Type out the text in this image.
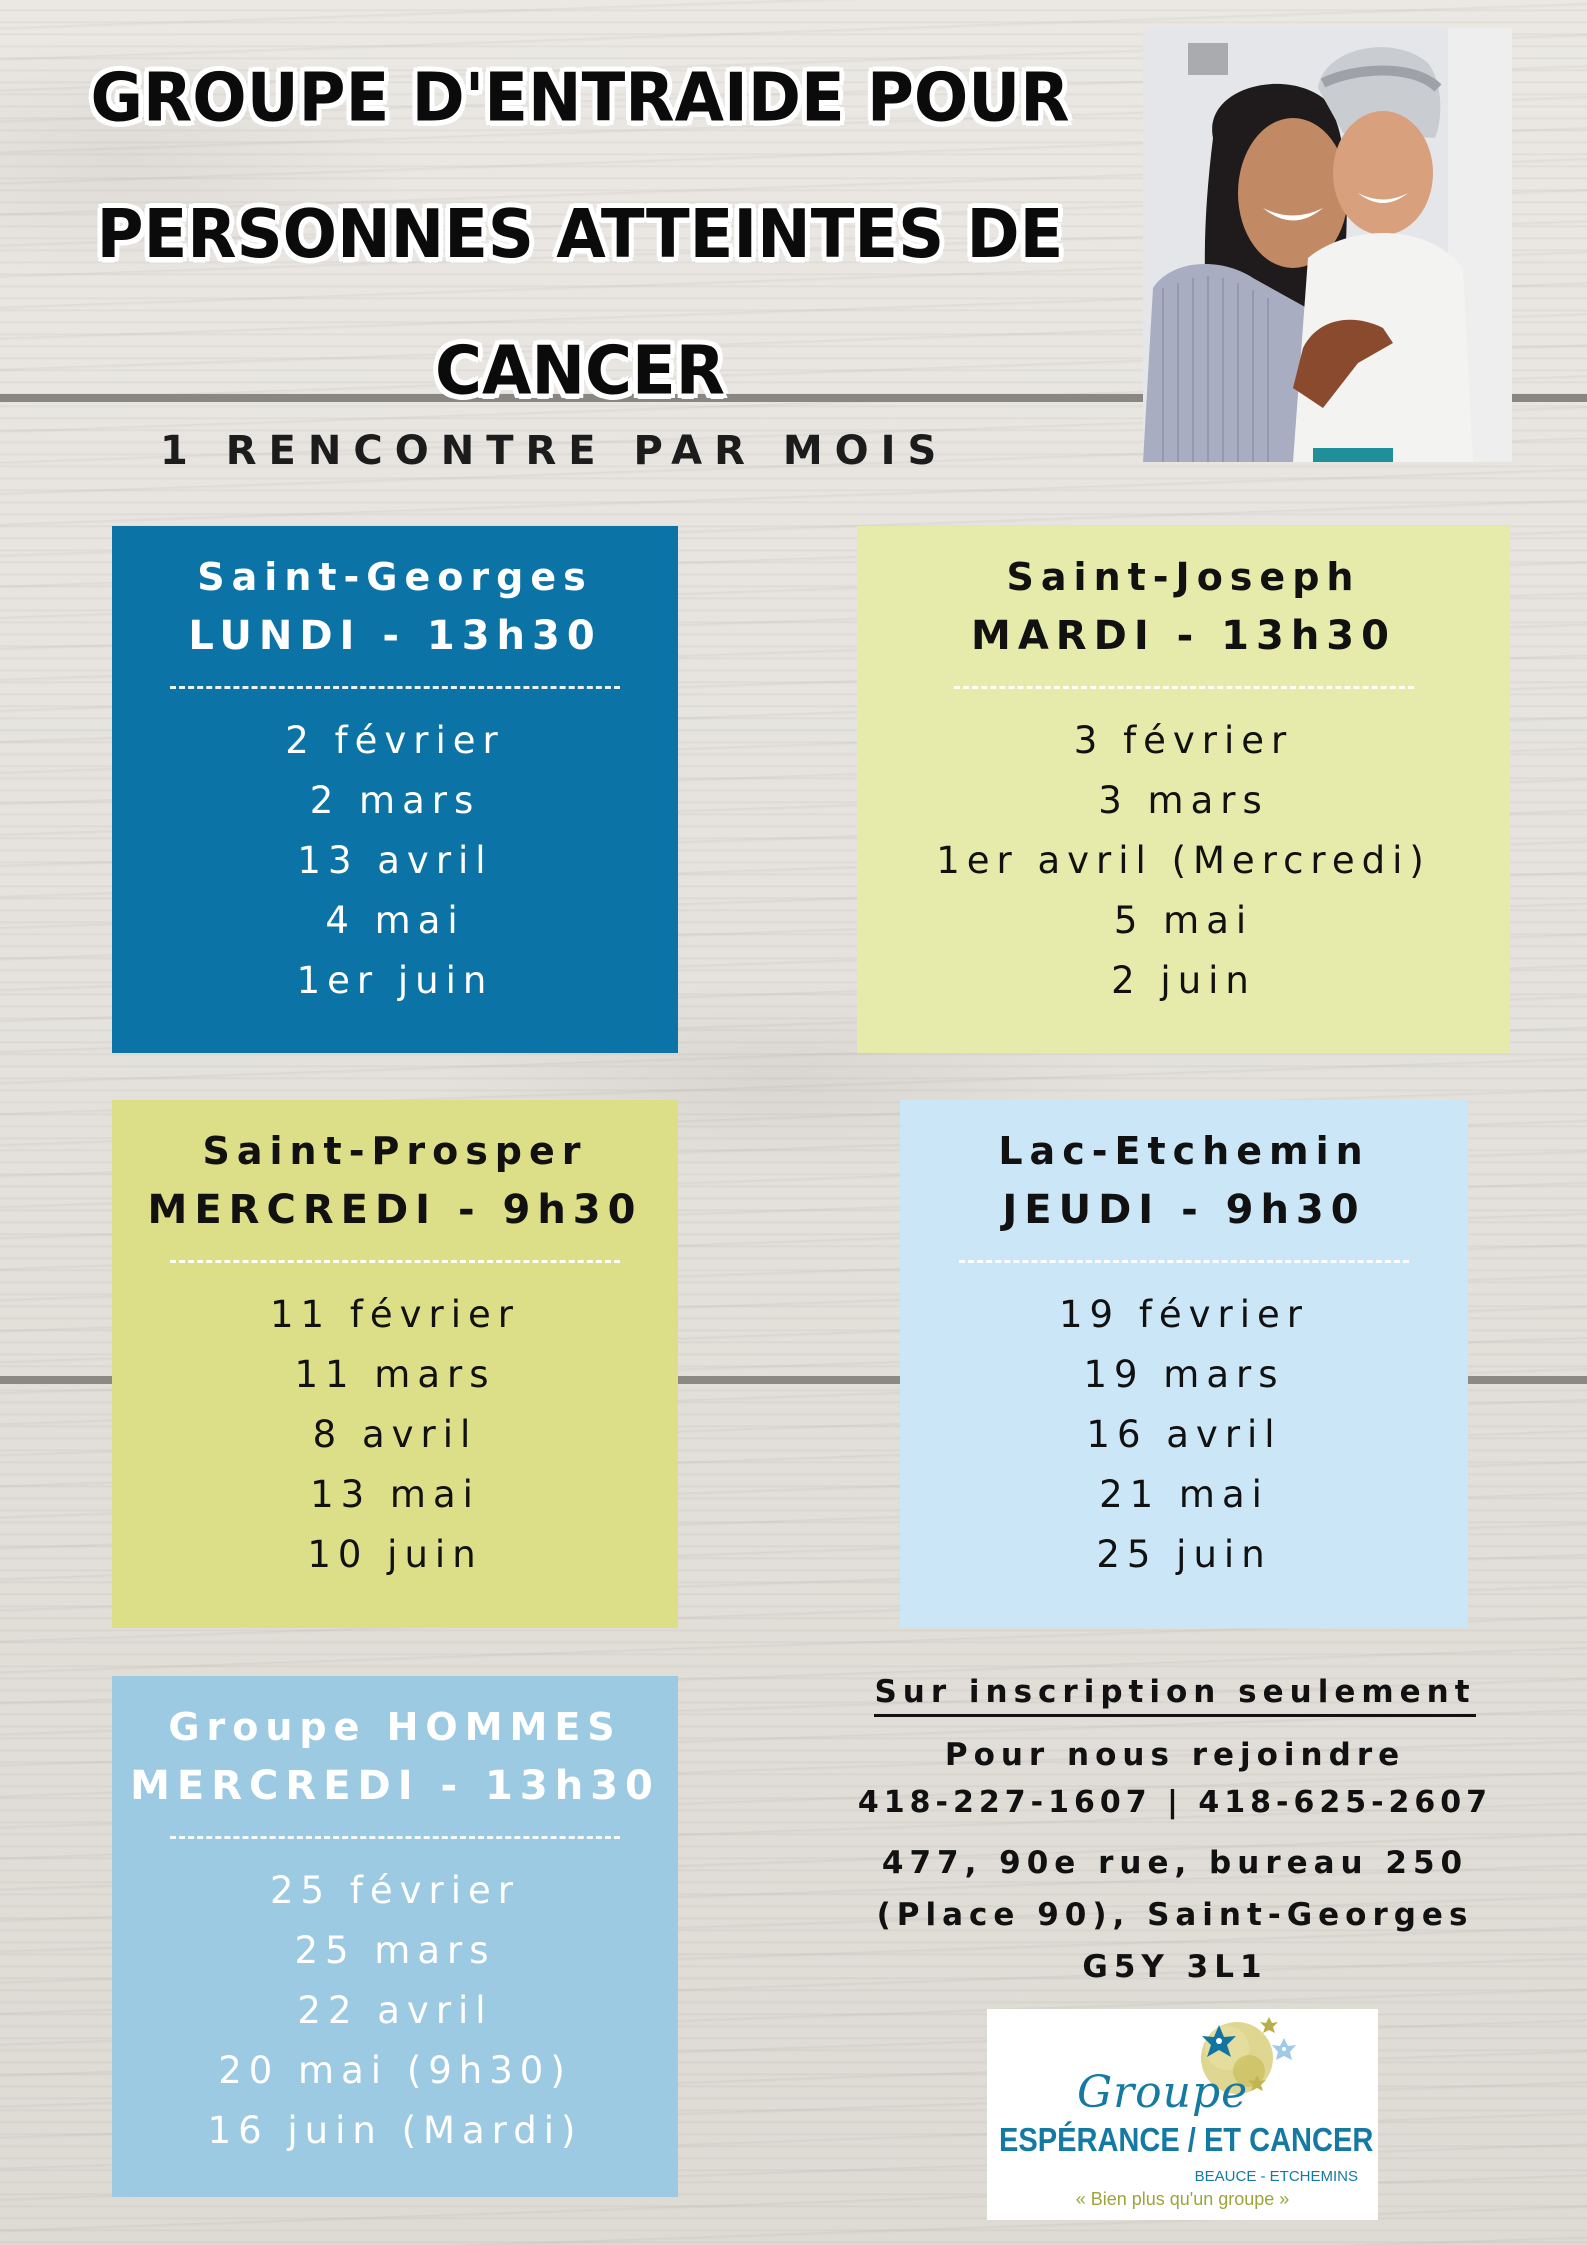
GROUPE D'ENTRAIDE POUR
PERSONNES ATTEINTES DE
CANCER
1 RENCONTRE PAR MOIS
Saint-Georges
LUNDI - 13h30
2 février
2 mars
13 avril
4 mai
1er juin
Saint-Joseph
MARDI - 13h30
3 février
3 mars
1er avril (Mercredi)
5 mai
2 juin
Saint-Prosper
MERCREDI - 9h30
11 février
11 mars
8 avril
13 mai
10 juin
Lac-Etchemin
JEUDI - 9h30
19 février
19 mars
16 avril
21 mai
25 juin
Groupe HOMMES
MERCREDI - 13h30
25 février
25 mars
22 avril
20 mai (9h30)
16 juin (Mardi)
Sur inscription seulement
Pour nous rejoindre
418-227-1607 | 418-625-2607
477, 90e rue, bureau 250
(Place 90), Saint-Georges
G5Y 3L1
Groupe
ESPÉRANCE / ET CANCER
BEAUCE - ETCHEMINS
« Bien plus qu'un groupe »
